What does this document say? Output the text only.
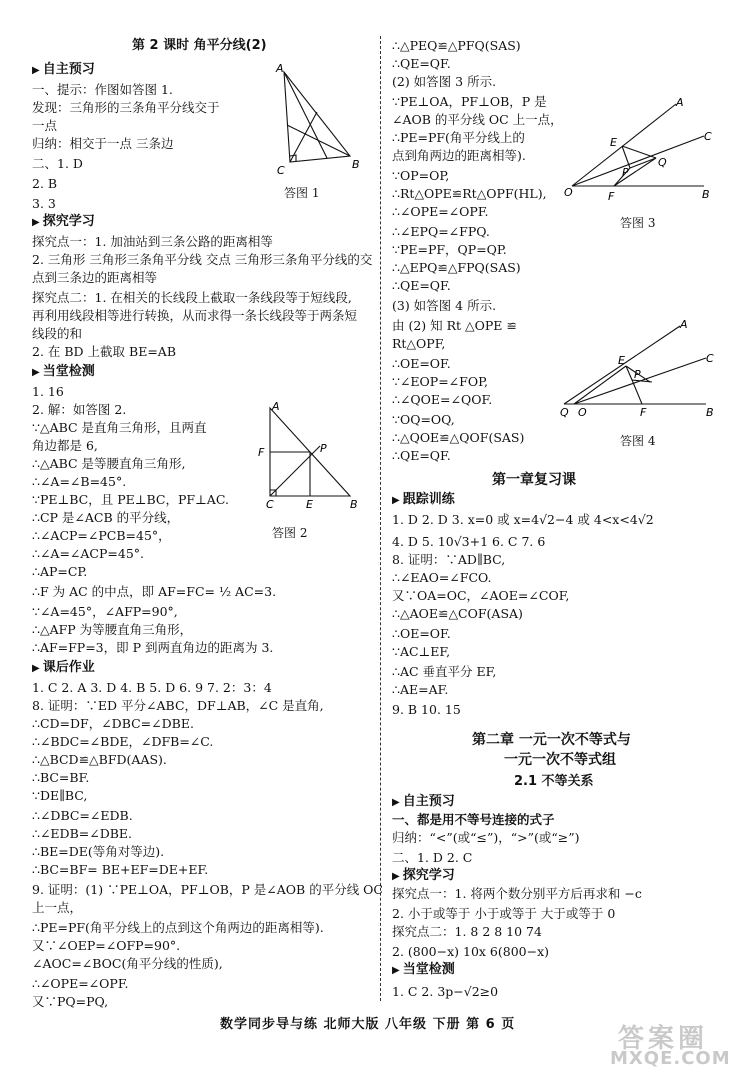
第 2 课时 角平分线(2)
▶ 自主预习
一、提示：作图如答图 1.
发现：三角形的三条角平分线交于
一点
归纳：相交于一点 三条边
二、1. D
2. B
3. 3
▶ 探究学习
探究点一：1. 加油站到三条公路的距离相等
2. 三角形 三角形三条角平分线 交点 三角形三条角平分线的交
点到三条边的距离相等
探究点二：1. 在相关的长线段上截取一条线段等于短线段,
再利用线段相等进行转换，从而求得一条长线段等于两条短
线段的和
2. 在 BD 上截取 BE=AB
▶ 当堂检测
1. 16
2. 解：如答图 2.
∵△ABC 是直角三角形，且两直
角边都是 6,
∴△ABC 是等腰直角三角形,
∴∠A=∠B=45°.
∵PE⊥BC，且 PE⊥BC，PF⊥AC.
∴CP 是∠ACB 的平分线，
∴∠ACP=∠PCB=45°，
∴∠A=∠ACP=45°.
∴AP=CP.
∴F 为 AC 的中点，即 AF=FC= ½ AC=3.
∵∠A=45°，∠AFP=90°,
∴△AFP 为等腰直角三角形，
∴AF=FP=3，即 P 到两直角边的距离为 3.
▶ 课后作业
1. C 2. A 3. D 4. B 5. D 6. 9 7. 2：3：4
8. 证明：∵ED 平分∠ABC，DF⊥AB，∠C 是直角,
∴CD=DF，∠DBC=∠DBE.
∴∠BDC=∠BDE，∠DFB=∠C.
∴△BCD≌△BFD(AAS).
∴BC=BF.
∵DE∥BC,
∴∠DBC=∠EDB.
∴∠EDB=∠DBE.
∴BE=DE(等角对等边).
∴BC=BF= BE+EF=DE+EF.
9. 证明：(1) ∵PE⊥OA，PF⊥OB，P 是∠AOB 的平分线 OC
上一点，
∴PE=PF(角平分线上的点到这个角两边的距离相等).
又∵∠OEP=∠OFP=90°.
∠AOC=∠BOC(角平分线的性质),
∴∠OPE=∠OPF.
又∵PQ=PQ,
A
C	B
答图 1
A
F	P
C	E	B
答图 2
∴△PEQ≌△PFQ(SAS)
∴QE=QF.
(2) 如答图 3 所示.
∵PE⊥OA，PF⊥OB，P 是
∠AOB 的平分线 OC 上一点，
∴PE=PF(角平分线上的
点到角两边的距离相等).
∵OP=OP,
∴Rt△OPE≌Rt△OPF(HL),
∴∠OPE=∠OPF.
∴∠EPQ=∠FPQ.
∵PE=PF，QP=QP.
∴△EPQ≌△FPQ(SAS)
∴QE=QF.
(3) 如答图 4 所示.
由 (2) 知 Rt △OPE ≌
Rt△OPF,
∴OE=OF.
∵∠EOP=∠FOP,
∴∠QOE=∠QOF.
∵OQ=OQ,
∴△QOE≌△QOF(SAS)
∴QE=QF.
▶ 跟踪训练
1. D 2. D 3. x=0 或 x=4√2−4 或 4<x<4√2
4. D 5. 10√3+1 6. C 7. 6
8. 证明：∵AD∥BC,
∴∠EAO=∠FCO.
又∵OA=OC，∠AOE=∠COF,
∴△AOE≌△COF(ASA)
∴OE=OF.
∵AC⊥EF,
∴AC 垂直平分 EF,
∴AE=AF.
9. B 10. 15
▶ 自主预习
一、都是用不等号连接的式子
归纳：“<”(或“≤”)，“>”(或“≥”)
二、1. D 2. C
▶ 探究学习
探究点一：1. 将两个数分别平方后再求和 −c
2. 小于或等于 小于或等于 大于或等于 0
探究点二：1. 8 2 8 10 74
2. (800−x) 10x 6(800−x)
▶ 当堂检测
1. C 2. 3p−√2≥0
第一章复习课
第二章 一元一次不等式与
一元一次不等式组
2.1 不等关系
A
E	C
Q
P
O	F	B
答图 3
A
E	C
P
Q O	F	B
答图 4
数学同步导与练 北师大版 八年级 下册 第 6 页	答案圈
MXQE.COM
